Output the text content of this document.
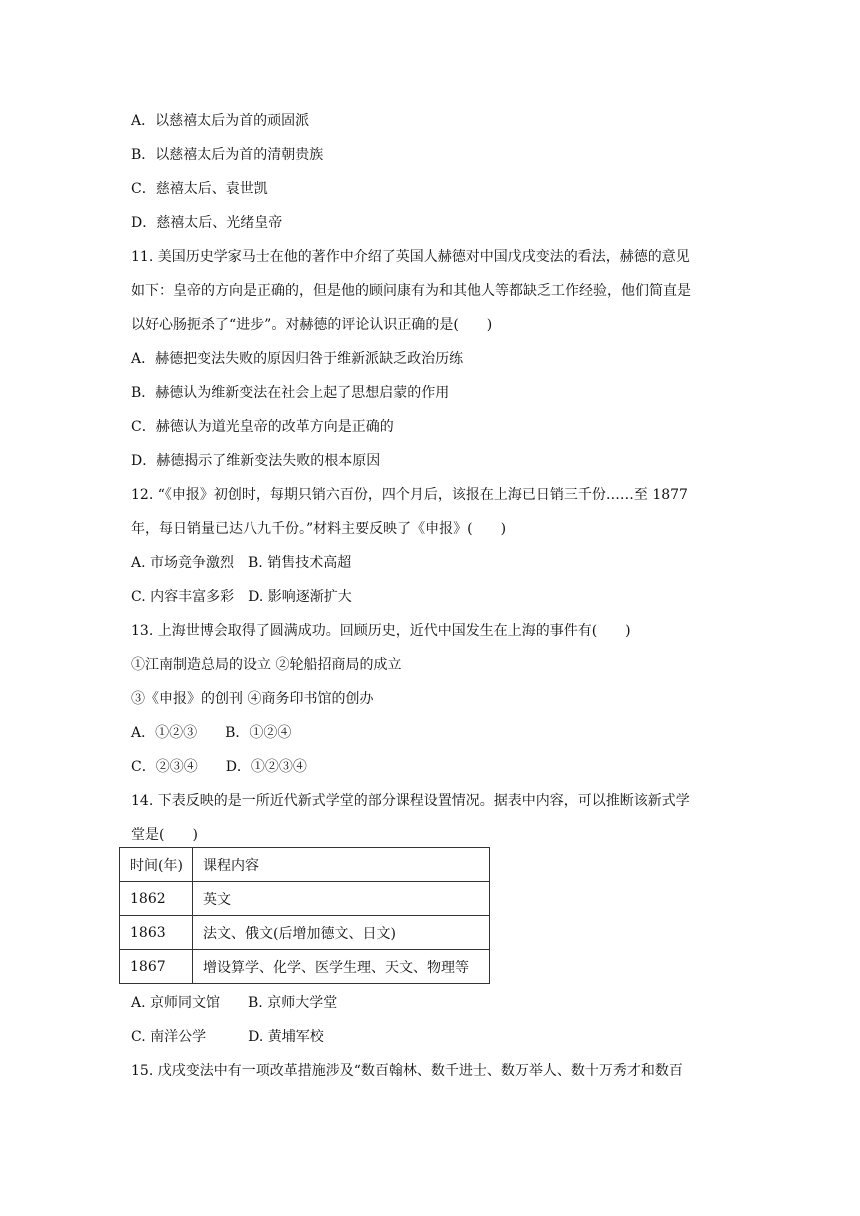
A．以慈禧太后为首的顽固派
B．以慈禧太后为首的清朝贵族
C．慈禧太后、袁世凯
D．慈禧太后、光绪皇帝
11. 美国历史学家马士在他的著作中介绍了英国人赫德对中国戊戌变法的看法，赫德的意见
如下：皇帝的方向是正确的，但是他的顾问康有为和其他人等都缺乏工作经验，他们简直是
以好心肠扼杀了“进步”。对赫德的评论认识正确的是(　　)
A．赫德把变法失败的原因归咎于维新派缺乏政治历练
B．赫德认为维新变法在社会上起了思想启蒙的作用
C．赫德认为道光皇帝的改革方向是正确的
D．赫德揭示了维新变法失败的根本原因
12. “《申报》初创时，每期只销六百份，四个月后，该报在上海已日销三千份……至 1877
年，每日销量已达八九千份。”材料主要反映了《申报》(　　)
A. 市场竞争激烈　B. 销售技术高超
C. 内容丰富多彩　D. 影响逐渐扩大
13. 上海世博会取得了圆满成功。回顾历史，近代中国发生在上海的事件有(　　)
①江南制造总局的设立 ②轮船招商局的成立
③《申报》的创刊 ④商务印书馆的创办
A．①②③　　B．①②④
C．②③④　　D．①②③④
14. 下表反映的是一所近代新式学堂的部分课程设置情况。据表中内容，可以推断该新式学
堂是(　　)
时间(年)	课程内容
1862	英文
1863	法文、俄文(后增加德文、日文)
1867	增设算学、化学、医学生理、天文、物理等
A. 京师同文馆　　B. 京师大学堂
C. 南洋公学　　　D. 黄埔军校
15. 戊戌变法中有一项改革措施涉及“数百翰林、数千进士、数万举人、数十万秀才和数百
